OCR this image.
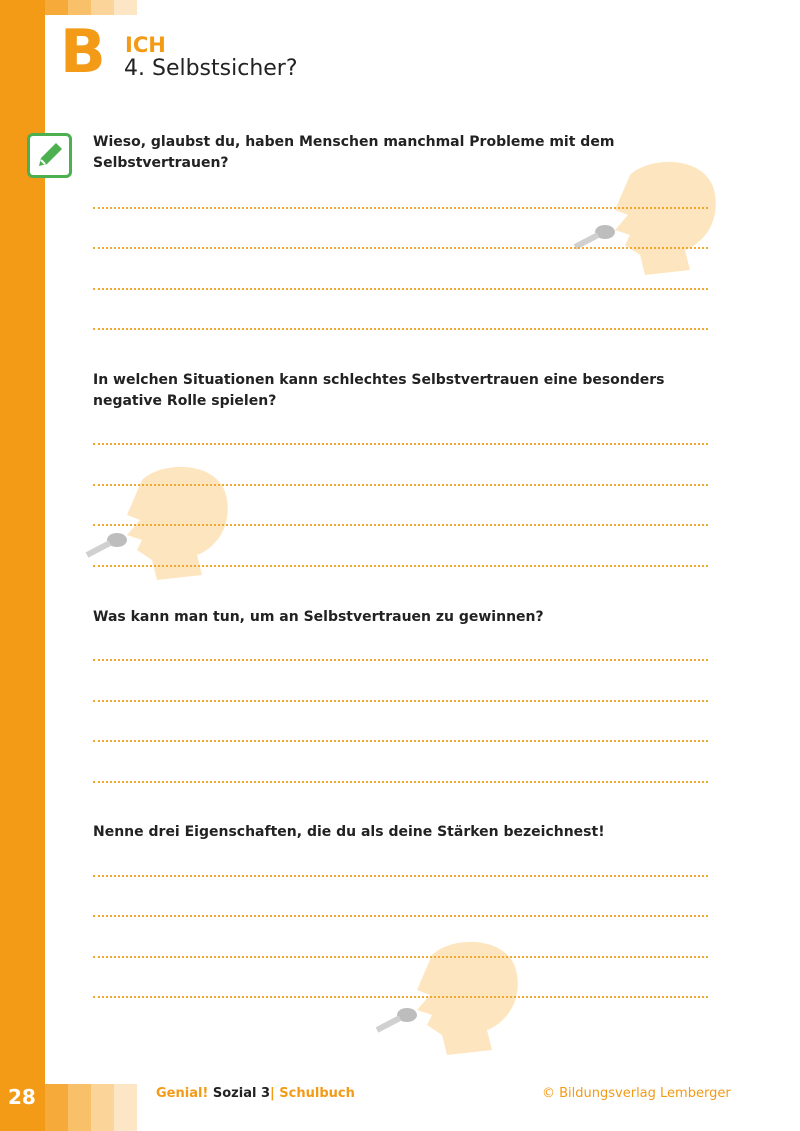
B ICH
4. Selbstsicher?
Wieso, glaubst du, haben Menschen manchmal Probleme mit dem Selbstvertrauen?
In welchen Situationen kann schlechtes Selbstvertrauen eine besonders negative Rolle spielen?
Was kann man tun, um an Selbstvertrauen zu gewinnen?
Nenne drei Eigenschaften, die du als deine Stärken bezeichnest!
28	Genial! Sozial 3| Schulbuch	© Bildungsverlag Lemberger
